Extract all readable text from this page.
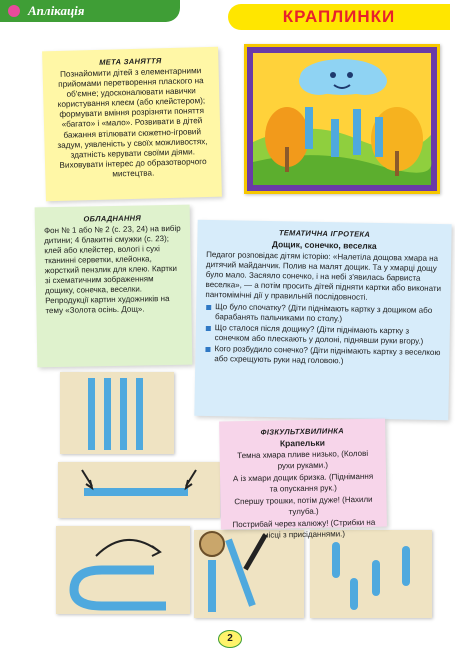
Аплікація	КРАПЛИНКИ
МЕТА ЗАНЯТТЯ

Познайомити дітей з елементарними прийомами перетворення плаского на об'ємне; удосконалювати навички користування клеєм (або клейстером); формувати вміння розрізняти поняття «багато» і «мало». Розвивати в дітей бажання втілювати сюжетно-ігровий задум, уявленість у своїх можливостях, здатність керувати своїми діями. Виховувати інтерес до образотворчого мистецтва.

ОБЛАДНАННЯ

Фон № 1 або № 2 (с. 23, 24) на вибір дитини; 4 блакитні смужки (с. 23); клей або клейстер, вологі і сухі тканинні серветки, клейонка, жорсткий пензлик для клею. Картки зі схематичним зображенням дощику, сонечка, веселки. Репродукції картин художників на тему «Золота осінь. Дощ».

ТЕМАТИЧНА ІГРОТЕКА
Дощик, сонечко, веселка

Педагог розповідає дітям історію: «Налетіла дощова хмара на дитячий майданчик. Полив на малят дощик. Та у хмарці дощу було мало. Засяяло сонечко, і на небі з'явилась барвиста веселка», — а потім просить дітей підняти картки або виконати пантомімічні дії у правильній послідовності.

Що було спочатку? (Діти піднімають картку з дощиком або барабанять пальчиками по столу.)
Що сталося після дощику? (Діти піднімають картку з сонечком або плескають у долоні, піднявши руки вгору.)
Кого розбудило сонечко? (Діти піднімають картку з веселкою або схрещують руки над головою.)
ФІЗКУЛЬТХВИЛИНКА
Крапельки

Темна хмара пливе низько, (Колові рухи руками.)

А із хмари дощик бризка. (Піднімання та опускання рук.)

Спершу трошки, потім дуже! (Нахили тулуба.)

Пострибай через калюжу! (Стрибки на місці з присіданнями.)

2
